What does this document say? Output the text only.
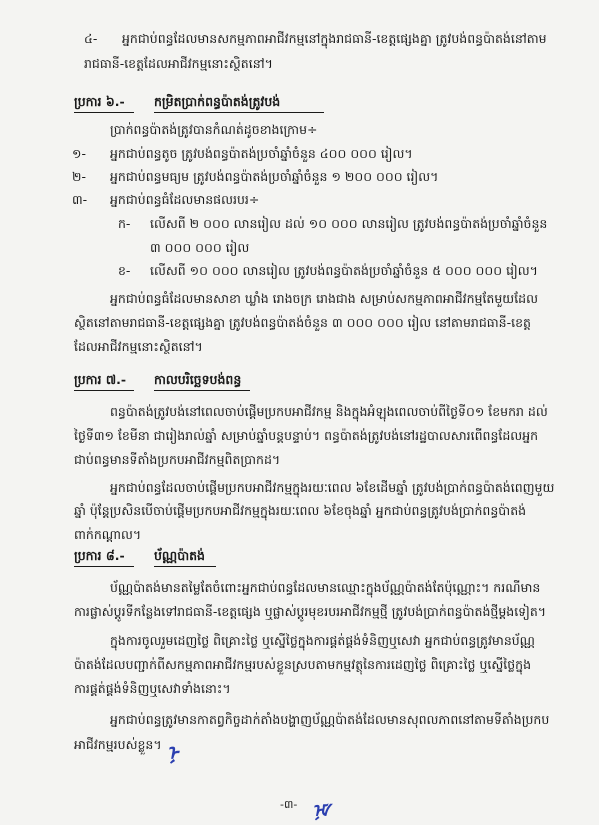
៤- អ្នកជាប់ពន្ធដែលមានសកម្មភាពអាជីវកម្មនៅក្នុងរាជធានី-ខេត្តផ្សេងគ្នា ត្រូវបង់ពន្ធប៉ាតង់នៅតាម
រាជធានី-ខេត្តដែលអាជីវកម្មនោះស្ថិតនៅ។
ប្រការ ៦.- កម្រិតប្រាក់ពន្ធប៉ាតង់ត្រូវបង់
ប្រាក់ពន្ធប៉ាតង់ត្រូវបានកំណត់ដូចខាងក្រោម÷
១- អ្នកជាប់ពន្ធតូច ត្រូវបង់ពន្ធប៉ាតង់ប្រចាំឆ្នាំចំនួន ៤០០ ០០០ រៀល។
២- អ្នកជាប់ពន្ធមធ្យម ត្រូវបង់ពន្ធប៉ាតង់ប្រចាំឆ្នាំចំនួន ១ ២០០ ០០០ រៀល។
៣- អ្នកជាប់ពន្ធធំដែលមានផលរបរ÷
ក- លើសពី ២ ០០០ លានរៀល ដល់ ១០ ០០០ លានរៀល ត្រូវបង់ពន្ធប៉ាតង់ប្រចាំឆ្នាំចំនួន
៣ ០០០ ០០០ រៀល
ខ- លើសពី ១០ ០០០ លានរៀល ត្រូវបង់ពន្ធប៉ាតង់ប្រចាំឆ្នាំចំនួន ៥ ០០០ ០០០ រៀល។
អ្នកជាប់ពន្ធធំដែលមានសាខា ឃ្លាំង រោងចក្រ រោងជាង សម្រាប់សកម្មភាពអាជីវកម្មតែមួយដែល
ស្ថិតនៅតាមរាជធានី-ខេត្តផ្សេងគ្នា ត្រូវបង់ពន្ធប៉ាតង់ចំនួន ៣ ០០០ ០០០ រៀល នៅតាមរាជធានី-ខេត្ត
ដែលអាជីវកម្មនោះស្ថិតនៅ។
ប្រការ ៧.- កាលបរិច្ឆេទបង់ពន្ធ
ពន្ធប៉ាតង់ត្រូវបង់នៅពេលចាប់ផ្តើមប្រកបអាជីវកម្ម និងក្នុងអំឡុងពេលចាប់ពីថ្ងៃទី០១ ខែមករា ដល់
ថ្ងៃទី៣១ ខែមីនា ជារៀងរាល់ឆ្នាំ សម្រាប់ឆ្នាំបន្តបន្ទាប់។ ពន្ធប៉ាតង់ត្រូវបង់នៅរដ្ឋបាលសារពើពន្ធដែលអ្នក
ជាប់ពន្ធមានទីតាំងប្រកបអាជីវកម្មពិតប្រាកដ។
អ្នកជាប់ពន្ធដែលចាប់ផ្តើមប្រកបអាជីវកម្មក្នុងរយៈពេល ៦ខែដើមឆ្នាំ ត្រូវបង់ប្រាក់ពន្ធប៉ាតង់ពេញមួយ
ឆ្នាំ ប៉ុន្តែប្រសិនបើចាប់ផ្តើមប្រកបអាជីវកម្មក្នុងរយៈពេល ៦ខែចុងឆ្នាំ អ្នកជាប់ពន្ធត្រូវបង់ប្រាក់ពន្ធប៉ាតង់
ពាក់កណ្តាល។
ប្រការ ៨.- ប័ណ្ណប៉ាតង់
ប័ណ្ណប៉ាតង់មានតម្លៃតែចំពោះអ្នកជាប់ពន្ធដែលមានឈ្មោះក្នុងប័ណ្ណប៉ាតង់តែប៉ុណ្ណោះ។ ករណីមាន
ការផ្លាស់ប្តូរទីកន្លែងទៅរាជធានី-ខេត្តផ្សេង ឬផ្លាស់ប្តូរមុខរបរអាជីវកម្មថ្មី ត្រូវបង់ប្រាក់ពន្ធប៉ាតង់ថ្មីម្តងទៀត។
ក្នុងការចូលរួមដេញថ្លៃ ពិគ្រោះថ្លៃ ឬស្នើថ្លៃក្នុងការផ្គត់ផ្គង់ទំនិញឬសេវា អ្នកជាប់ពន្ធត្រូវមានប័ណ្ណ
ប៉ាតង់ដែលបញ្ជាក់ពីសកម្មភាពអាជីវកម្មរបស់ខ្លួនស្របតាមកម្មវត្ថុនៃការដេញថ្លៃ ពិគ្រោះថ្លៃ ឬស្នើថ្លៃក្នុង
ការផ្គត់ផ្គង់ទំនិញឬសេវាទាំងនោះ។
អ្នកជាប់ពន្ធត្រូវមានកាតព្វកិច្ចដាក់តាំងបង្ហាញប័ណ្ណប៉ាតង់ដែលមានសុពលភាពនៅតាមទីតាំងប្រកប
អាជីវកម្មរបស់ខ្លួន។ ᠨ
-៣- ᠨᠮ
